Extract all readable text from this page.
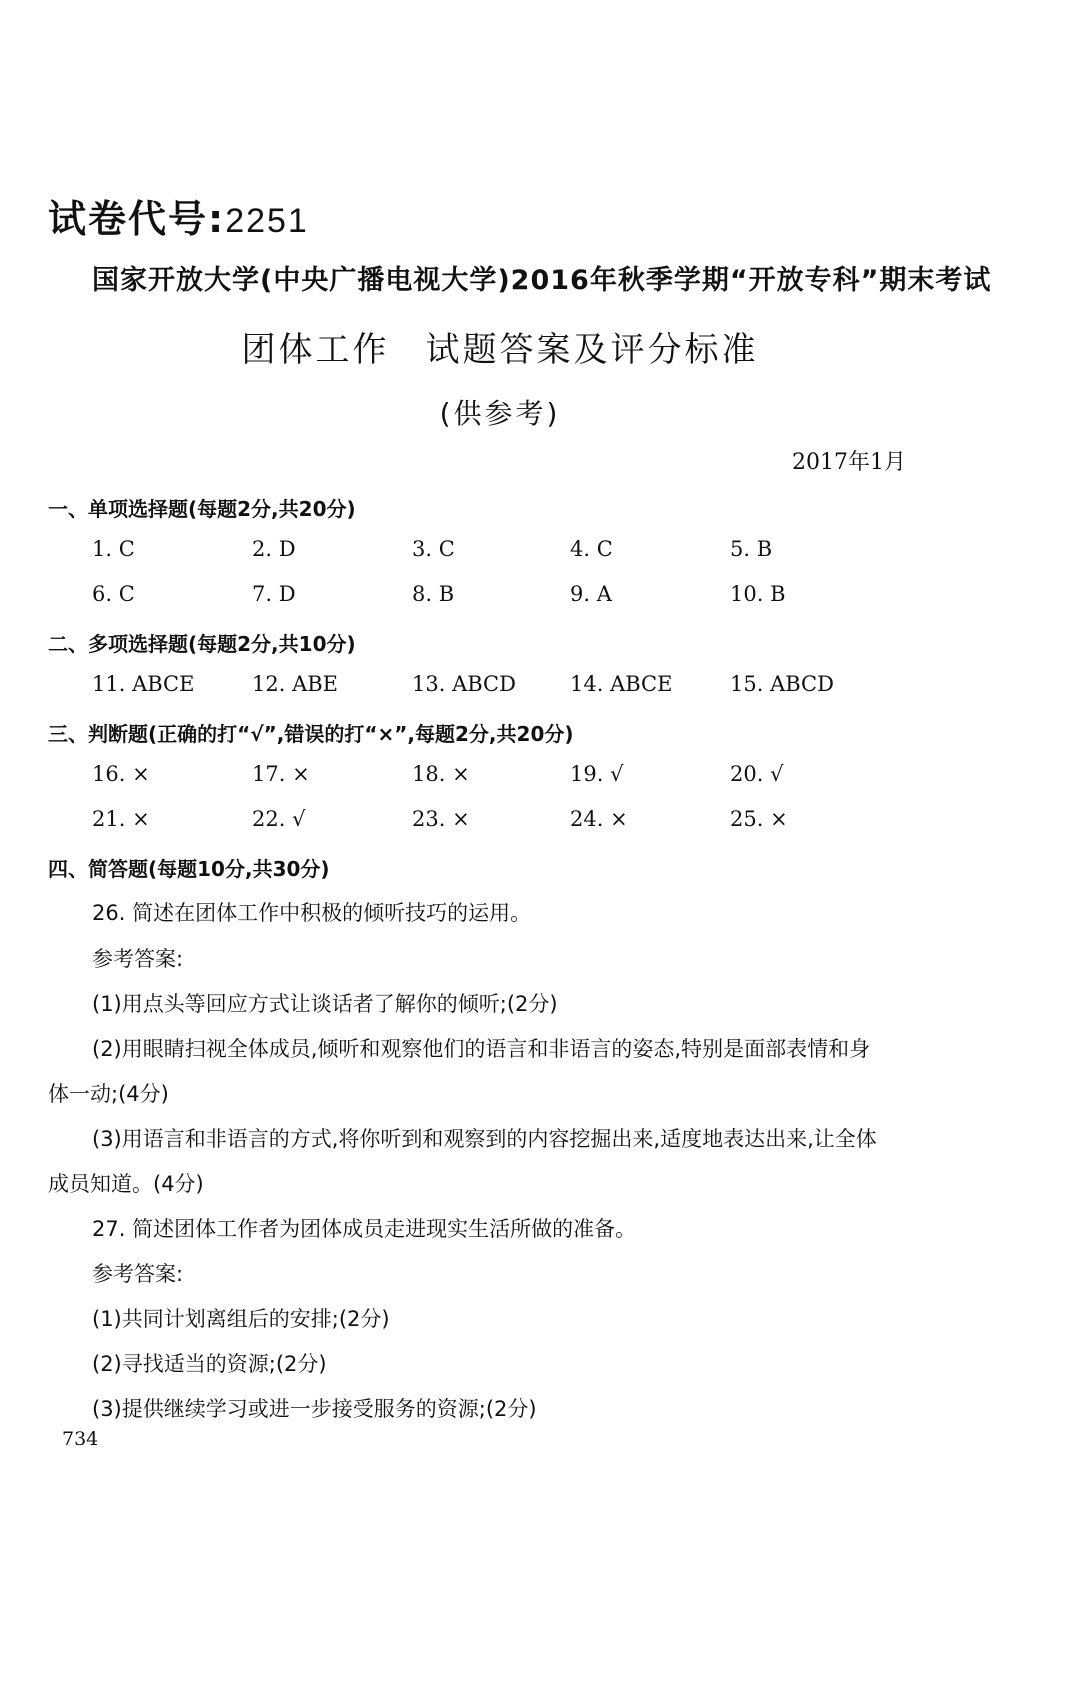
试卷代号:2251
国家开放大学(中央广播电视大学)2016年秋季学期“开放专科”期末考试
团体工作 试题答案及评分标准
(供参考)
2017年1月
一、单项选择题(每题2分,共20分)
1. C	2. D	3. C	4. C	5. B
6. C	7. D	8. B	9. A	10. B
二、多项选择题(每题2分,共10分)
11. ABCE	12. ABE	13. ABCD	14. ABCE	15. ABCD
三、判断题(正确的打“√”,错误的打“×”,每题2分,共20分)
16. ×	17. ×	18. ×	19. √	20. √
21. ×	22. √	23. ×	24. ×	25. ×
四、简答题(每题10分,共30分)
26. 简述在团体工作中积极的倾听技巧的运用。
参考答案:
(1)用点头等回应方式让谈话者了解你的倾听;(2分)
(2)用眼睛扫视全体成员,倾听和观察他们的语言和非语言的姿态,特别是面部表情和身
体一动;(4分)
(3)用语言和非语言的方式,将你听到和观察到的内容挖掘出来,适度地表达出来,让全体
成员知道。(4分)
27. 简述团体工作者为团体成员走进现实生活所做的准备。
参考答案:
(1)共同计划离组后的安排;(2分)
(2)寻找适当的资源;(2分)
(3)提供继续学习或进一步接受服务的资源;(2分)
734
